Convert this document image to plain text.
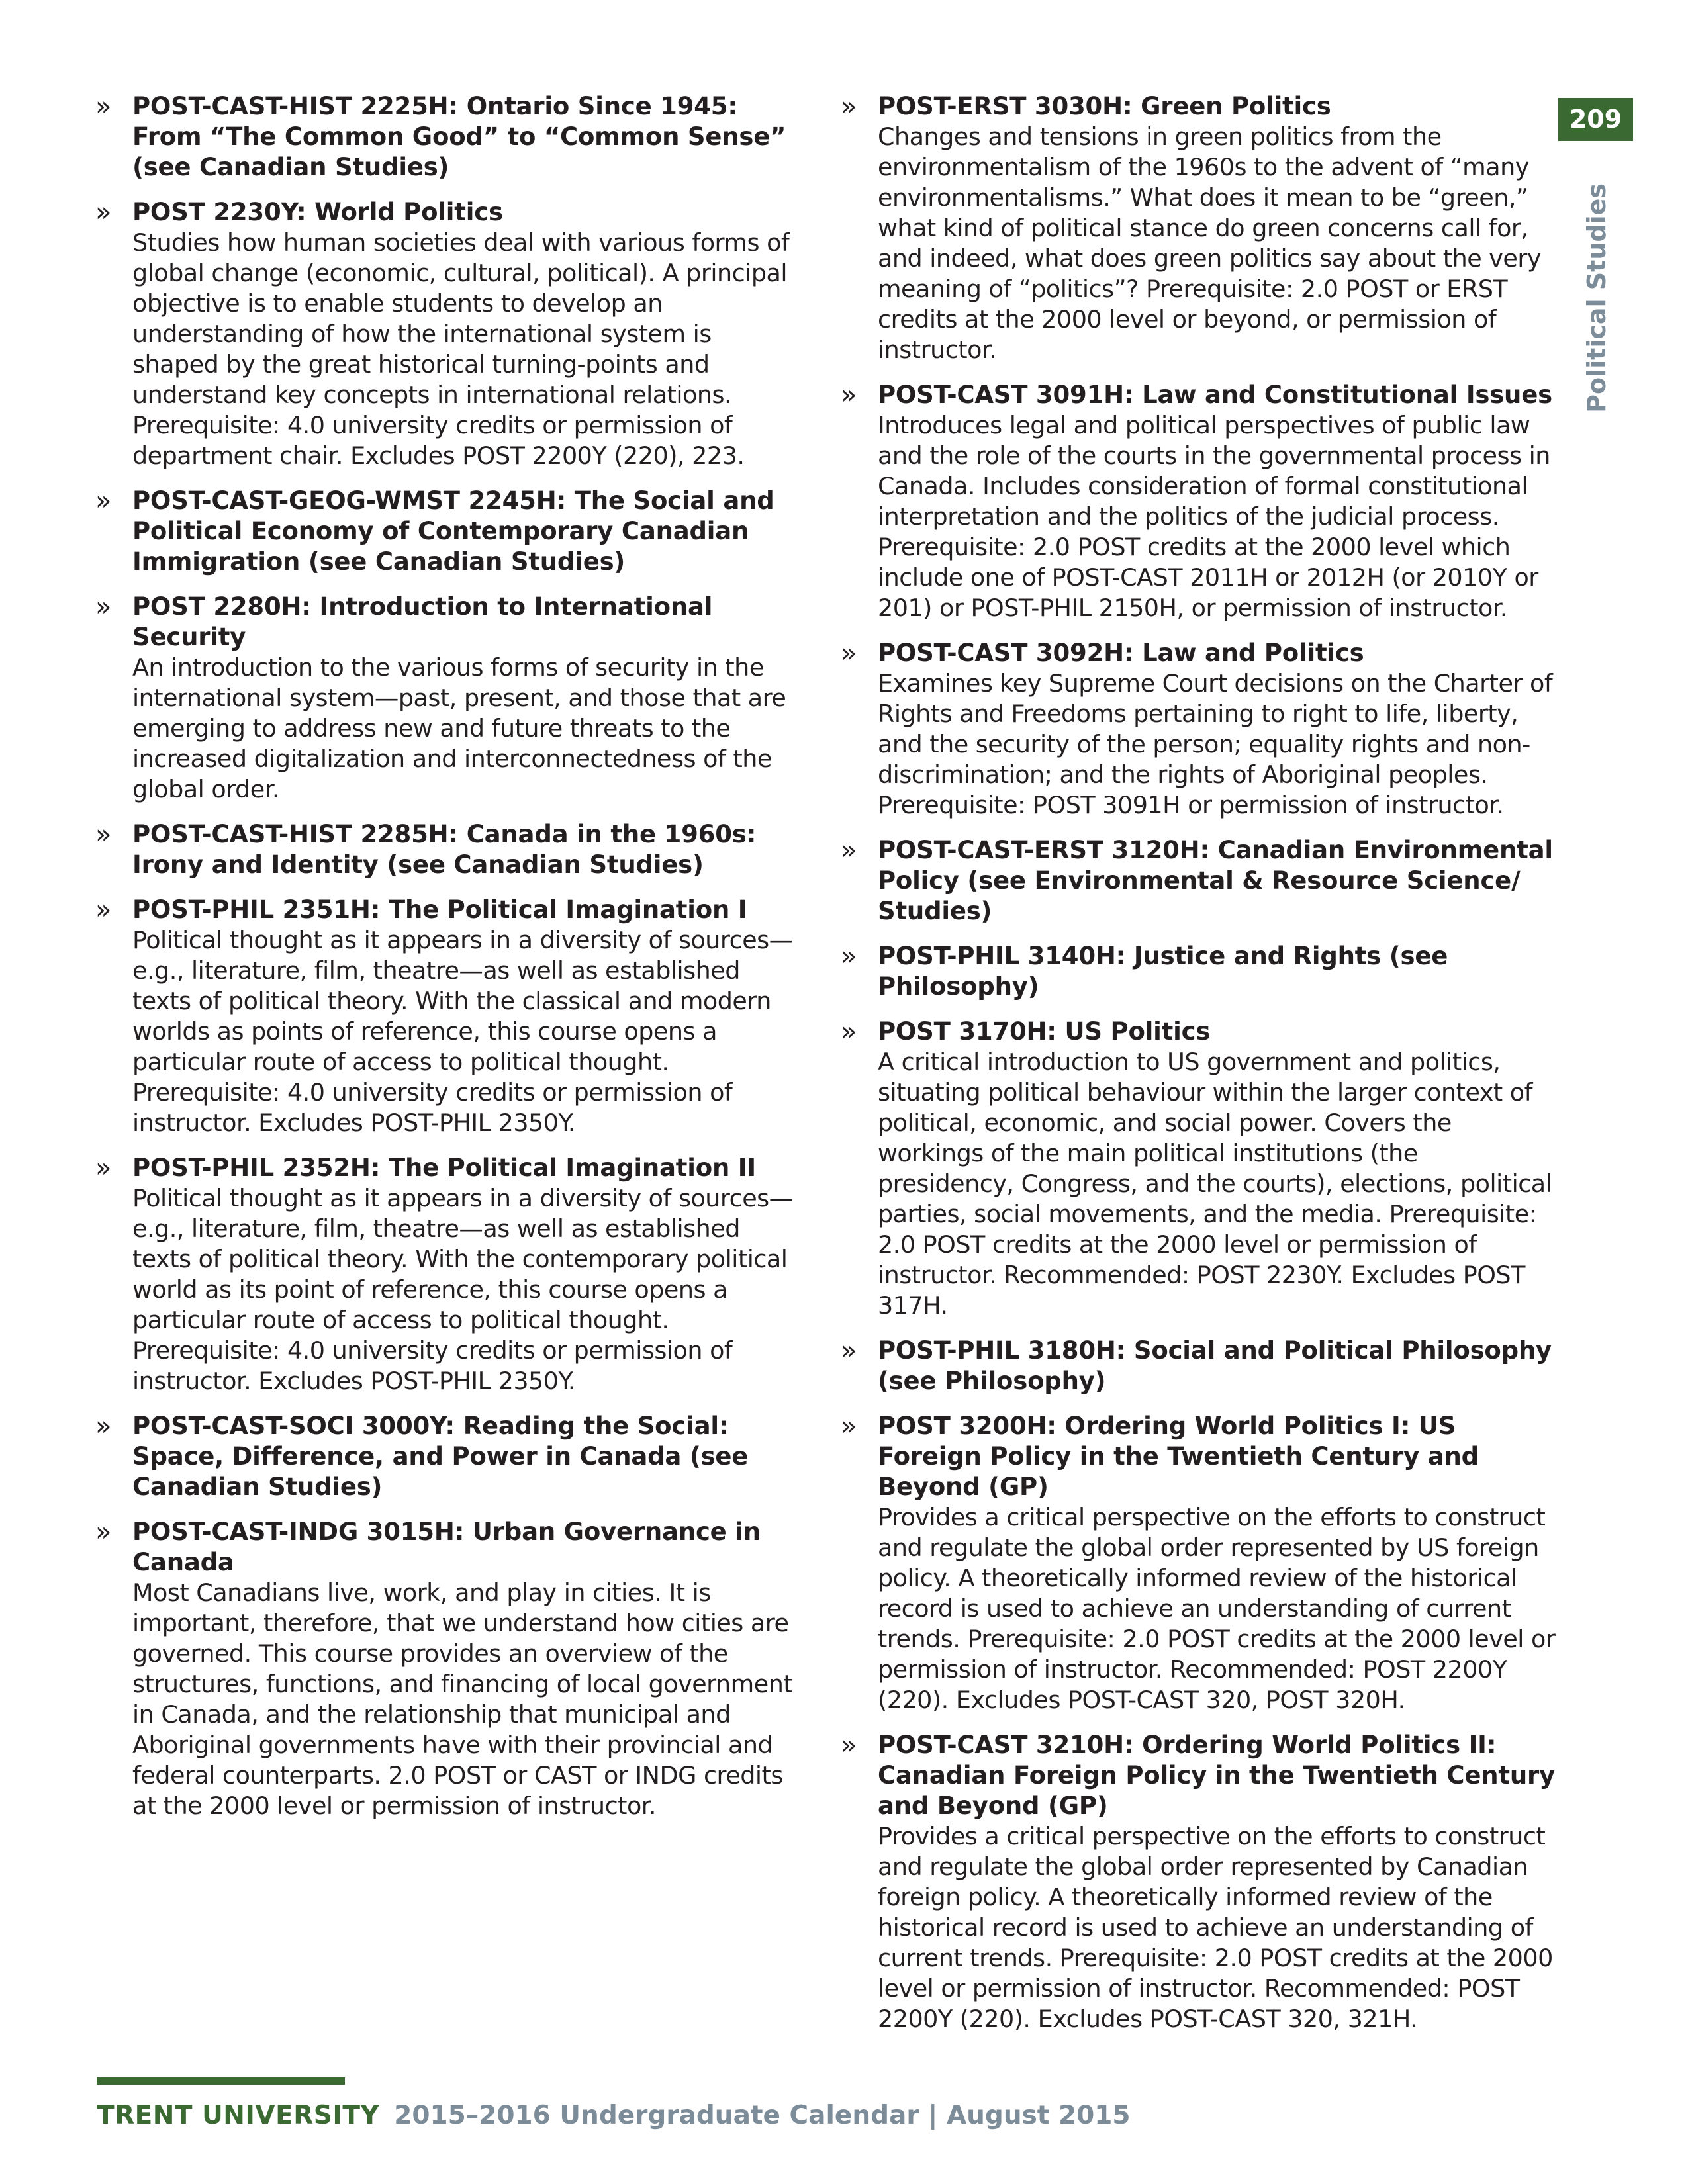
209
Political Studies
» POST-CAST-HIST 2225H: Ontario Since 1945: From “The Common Good” to “Common Sense” (see Canadian Studies)

» POST 2230Y: World Politics

Studies how human societies deal with various forms of global change (economic, cultural, political). A principal objective is to enable students to develop an understanding of how the international system is shaped by the great historical turning-points and understand key concepts in international relations. Prerequisite: 4.0 university credits or permission of department chair. Excludes POST 2200Y (220), 223.

» POST-CAST-GEOG-WMST 2245H: The Social and Political Economy of Contemporary Canadian Immigration (see Canadian Studies)

» POST 2280H: Introduction to International Security

An introduction to the various forms of security in the international system—past, present, and those that are emerging to address new and future threats to the increased digitalization and interconnectedness of the global order.

» POST-CAST-HIST 2285H: Canada in the 1960s: Irony and Identity (see Canadian Studies)

» POST-PHIL 2351H: The Political Imagination I

Political thought as it appears in a diversity of sources—e.g., literature, film, theatre—as well as established texts of political theory. With the classical and modern worlds as points of reference, this course opens a particular route of access to political thought. Prerequisite: 4.0 university credits or permission of instructor. Excludes POST-PHIL 2350Y.

» POST-PHIL 2352H: The Political Imagination II

Political thought as it appears in a diversity of sources—e.g., literature, film, theatre—as well as established texts of political theory. With the contemporary political world as its point of reference, this course opens a particular route of access to political thought. Prerequisite: 4.0 university credits or permission of instructor. Excludes POST-PHIL 2350Y.

» POST-CAST-SOCI 3000Y: Reading the Social: Space, Difference, and Power in Canada (see Canadian Studies)

» POST-CAST-INDG 3015H: Urban Governance in Canada

Most Canadians live, work, and play in cities. It is important, therefore, that we understand how cities are governed. This course provides an overview of the structures, functions, and financing of local government in Canada, and the relationship that municipal and Aboriginal governments have with their provincial and federal counterparts. 2.0 POST or CAST or INDG credits at the 2000 level or permission of instructor.

» POST-ERST 3030H: Green Politics

Changes and tensions in green politics from the environmentalism of the 1960s to the advent of “many environmentalisms.” What does it mean to be “green,” what kind of political stance do green concerns call for, and indeed, what does green politics say about the very meaning of “politics”? Prerequisite: 2.0 POST or ERST credits at the 2000 level or beyond, or permission of instructor.

» POST-CAST 3091H: Law and Constitutional Issues

Introduces legal and political perspectives of public law and the role of the courts in the governmental process in Canada. Includes consideration of formal constitutional interpretation and the politics of the judicial process. Prerequisite: 2.0 POST credits at the 2000 level which include one of POST-CAST 2011H or 2012H (or 2010Y or 201) or POST-PHIL 2150H, or permission of instructor.

» POST-CAST 3092H: Law and Politics

Examines key Supreme Court decisions on the Charter of Rights and Freedoms pertaining to right to life, liberty, and the security of the person; equality rights and non-discrimination; and the rights of Aboriginal peoples. Prerequisite: POST 3091H or permission of instructor.

» POST-CAST-ERST 3120H: Canadian Environmental Policy (see Environmental & Resource Science/ Studies)

» POST-PHIL 3140H: Justice and Rights (see Philosophy)

» POST 3170H: US Politics

A critical introduction to US government and politics, situating political behaviour within the larger context of political, economic, and social power. Covers the workings of the main political institutions (the presidency, Congress, and the courts), elections, political parties, social movements, and the media. Prerequisite: 2.0 POST credits at the 2000 level or permission of instructor. Recommended: POST 2230Y. Excludes POST 317H.

» POST-PHIL 3180H: Social and Political Philosophy (see Philosophy)

» POST 3200H: Ordering World Politics I: US Foreign Policy in the Twentieth Century and Beyond (GP)

Provides a critical perspective on the efforts to construct and regulate the global order represented by US foreign policy. A theoretically informed review of the historical record is used to achieve an understanding of current trends. Prerequisite: 2.0 POST credits at the 2000 level or permission of instructor. Recommended: POST 2200Y (220). Excludes POST-CAST 320, POST 320H.

» POST-CAST 3210H: Ordering World Politics II: Canadian Foreign Policy in the Twentieth Century and Beyond (GP)

Provides a critical perspective on the efforts to construct and regulate the global order represented by Canadian foreign policy. A theoretically informed review of the historical record is used to achieve an understanding of current trends. Prerequisite: 2.0 POST credits at the 2000 level or permission of instructor. Recommended: POST 2200Y (220). Excludes POST-CAST 320, 321H.

TRENT UNIVERSITY 2015–2016 Undergraduate Calendar | August 2015
